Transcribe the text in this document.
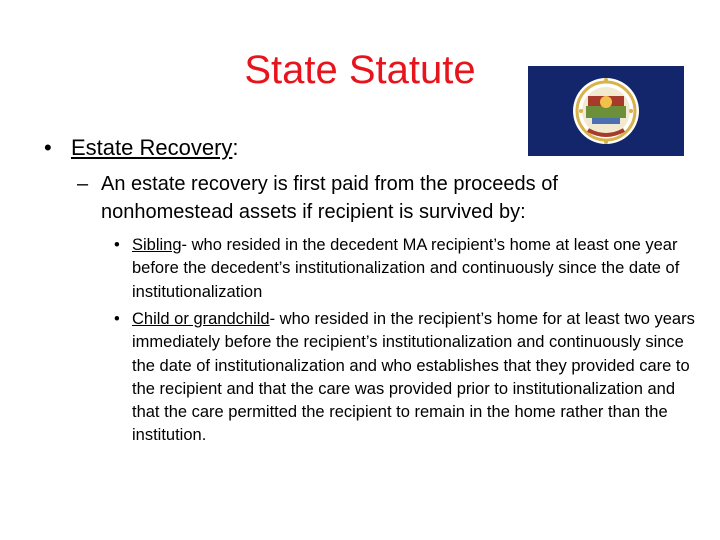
State Statute
• Estate Recovery:
– An estate recovery is first paid from the proceeds of nonhomestead assets if recipient is survived by:
• Sibling- who resided in the decedent MA recipient’s home at least one year before the decedent’s institutionalization and continuously since the date of institutionalization
• Child or grandchild- who resided in the recipient’s home for at least two years immediately before the recipient’s institutionalization and continuously since the date of institutionalization and who establishes that they provided care to the recipient and that the care was provided prior to institutionalization and that the care permitted the recipient to remain in the home rather than the institution.
